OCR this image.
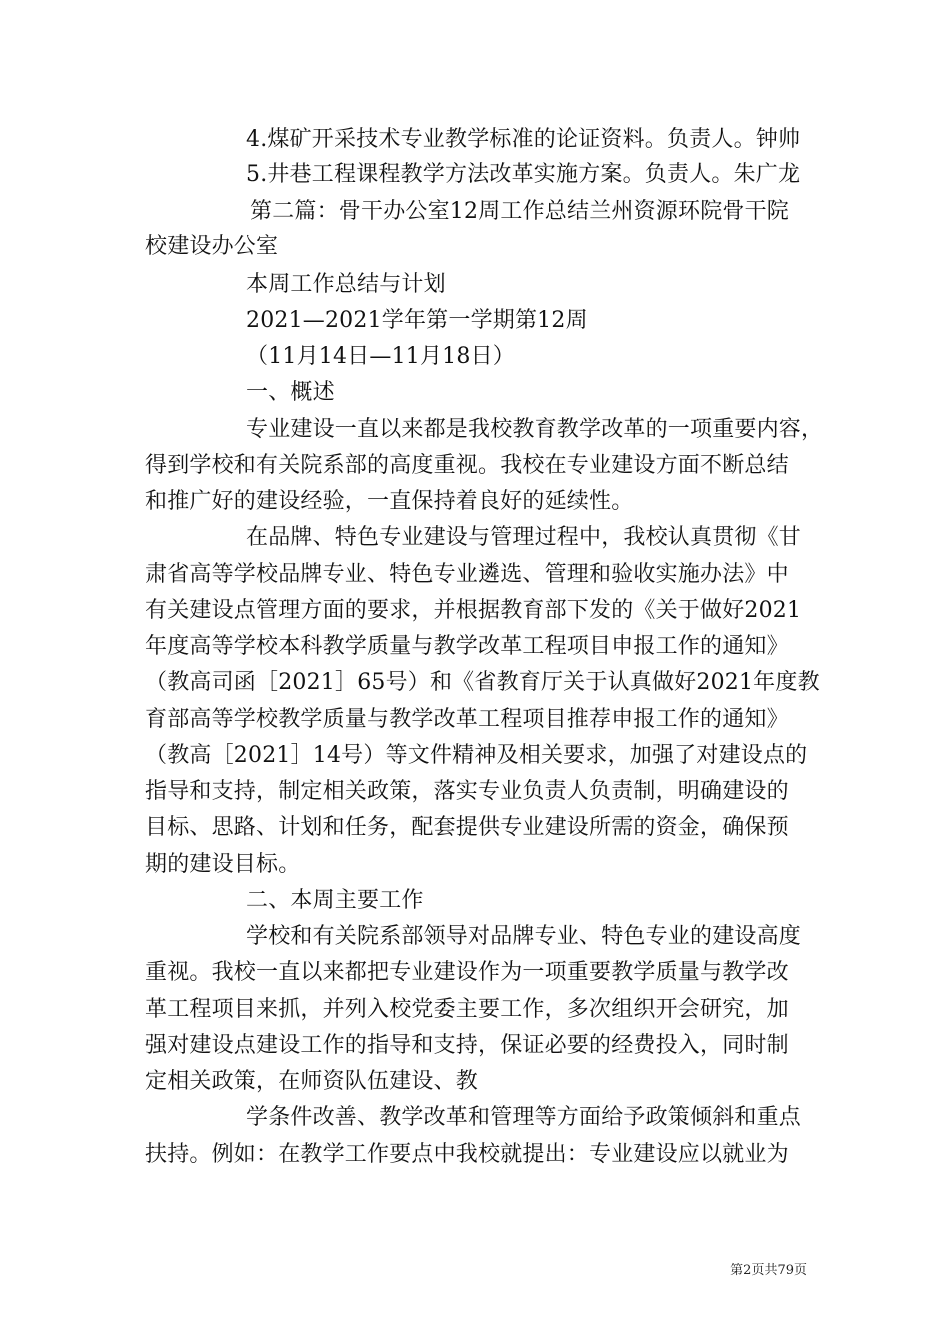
4.煤矿开采技术专业教学标准的论证资料。负责人。钟帅
5.井巷工程课程教学方法改革实施方案。负责人。朱广龙
第二篇：骨干办公室12周工作总结兰州资源环院骨干院
校建设办公室
本周工作总结与计划
2021—2021学年第一学期第12周
（11月14日—11月18日）
一、概述
专业建设一直以来都是我校教育教学改革的一项重要内容，
得到学校和有关院系部的高度重视。我校在专业建设方面不断总结
和推广好的建设经验，一直保持着良好的延续性。
在品牌、特色专业建设与管理过程中，我校认真贯彻《甘
肃省高等学校品牌专业、特色专业遴选、管理和验收实施办法》中
有关建设点管理方面的要求，并根据教育部下发的《关于做好2021
年度高等学校本科教学质量与教学改革工程项目申报工作的通知》
（教高司函［2021］65号）和《省教育厅关于认真做好2021年度教
育部高等学校教学质量与教学改革工程项目推荐申报工作的通知》
（教高［2021］14号）等文件精神及相关要求，加强了对建设点的
指导和支持，制定相关政策，落实专业负责人负责制，明确建设的
目标、思路、计划和任务，配套提供专业建设所需的资金，确保预
期的建设目标。
二、本周主要工作
学校和有关院系部领导对品牌专业、特色专业的建设高度
重视。我校一直以来都把专业建设作为一项重要教学质量与教学改
革工程项目来抓，并列入校党委主要工作，多次组织开会研究，加
强对建设点建设工作的指导和支持，保证必要的经费投入，同时制
定相关政策，在师资队伍建设、教
学条件改善、教学改革和管理等方面给予政策倾斜和重点
扶持。例如：在教学工作要点中我校就提出：专业建设应以就业为
第2页共79页
